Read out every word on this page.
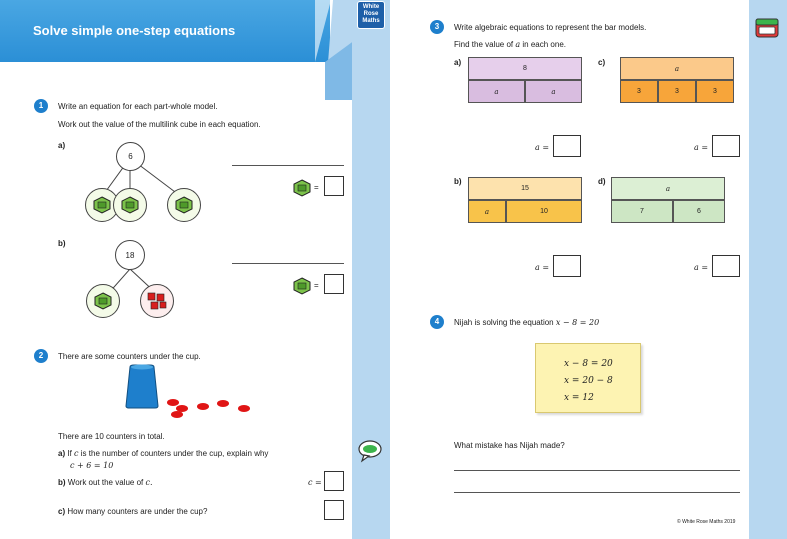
Solve simple one-step equations
White
Rose
Maths
1	Write an equation for each part-whole model.
Work out the value of the multilink cube in each equation.
a)
6
=
b)
18
=
2	There are some counters under the cup.
There are 10 counters in total.
a) If c is the number of counters under the cup, explain why
c + 6 = 10
b) Work out the value of c.	c =
c) How many counters are under the cup?
3	Write algebraic equations to represent the bar models.
Find the value of a in each one.
a)
8
a	a
a =
c)
a
3	3	3
a =
b)
15
a	10
a =
d)
a
7	6
a =
4	Nijah is solving the equation x − 8 = 20
x − 8 = 20
x = 20 − 8
x = 12
What mistake has Nijah made?
© White Rose Maths 2019
